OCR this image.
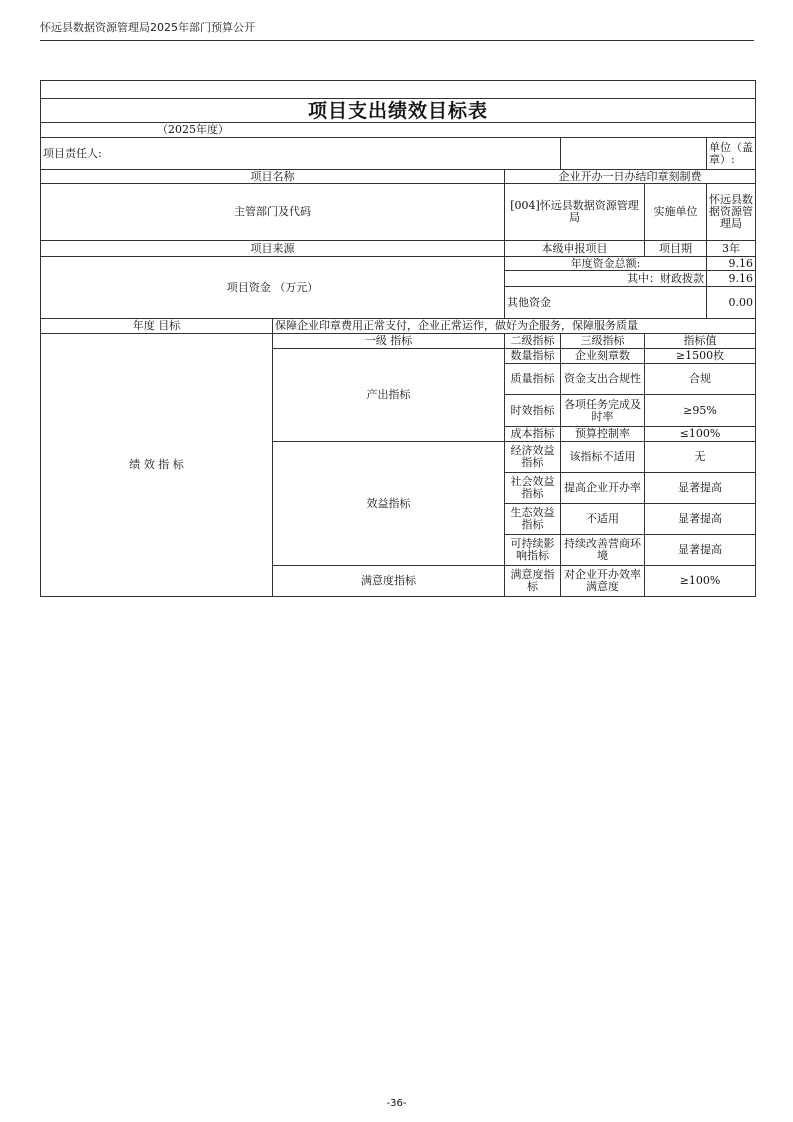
怀远县数据资源管理局2025年部门预算公开

项目支出绩效目标表					
（2025年度）					
项目责任人:					单位（盖章）:
项目名称		企业开办一日办结印章刻制费			
主管部门及代码		[004]怀远县数据资源管理局		实施单位	怀远县数据资源管理局
项目来源		本级申报项目		项目期	3年
项目资金 （万元）		年度资金总额:			9.16
		其中：财政拨款			9.16
		其他资金			0.00
年度 目标	保障企业印章费用正常支付，企业正常运作，做好为企服务，保障服务质量				
绩 效 指 标	一级 指标	二级指标	三级指标	指标值	
	产出指标	数量指标	企业刻章数	≥1500枚	
		质量指标	资金支出合规性	合规	
		时效指标	各项任务完成及时率	≥95%	
		成本指标	预算控制率	≤100%	
	效益指标	经济效益指标	该指标不适用	无	
		社会效益指标	提高企业开办率	显著提高	
		生态效益指标	不适用	显著提高	
		可持续影响指标	持续改善营商环境	显著提高	
	满意度指标	满意度指标	对企业开办效率满意度	≥100%	
-36-
